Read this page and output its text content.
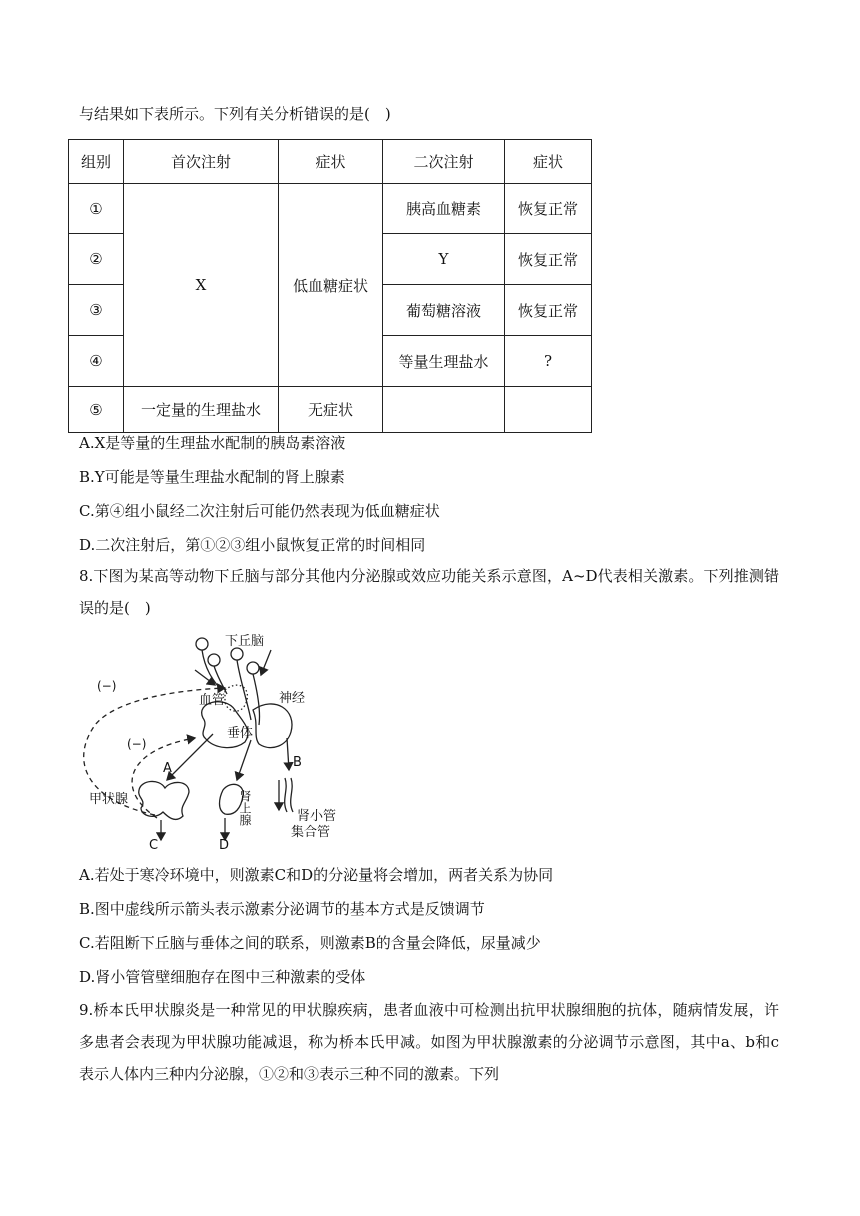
与结果如下表所示。下列有关分析错误的是(　)
组别	首次注射	症状	二次注射	症状
①	X	低血糖症状	胰高血糖素	恢复正常
②			Y	恢复正常
③			葡萄糖溶液	恢复正常
④			等量生理盐水	?
⑤	一定量的生理盐水	无症状		
A.X是等量的生理盐水配制的胰岛素溶液
B.Y可能是等量生理盐水配制的肾上腺素
C.第④组小鼠经二次注射后可能仍然表现为低血糖症状
D.二次注射后，第①②③组小鼠恢复正常的时间相同
8.下图为某高等动物下丘脑与部分其他内分泌腺或效应功能关系示意图，A~D代表相关激素。下列推测错误的是(　)
下丘脑
血管	神经
垂体
(−)
(−)
A	B
C	D
甲状腺	肾上腺	肾小管
集合管
A.若处于寒冷环境中，则激素C和D的分泌量将会增加，两者关系为协同
B.图中虚线所示箭头表示激素分泌调节的基本方式是反馈调节
C.若阻断下丘脑与垂体之间的联系，则激素B的含量会降低，尿量减少
D.肾小管管壁细胞存在图中三种激素的受体
9.桥本氏甲状腺炎是一种常见的甲状腺疾病，患者血液中可检测出抗甲状腺细胞的抗体，随病情发展，许多患者会表现为甲状腺功能减退，称为桥本氏甲减。如图为甲状腺激素的分泌调节示意图，其中a、b和c表示人体内三种内分泌腺，①②和③表示三种不同的激素。下列
